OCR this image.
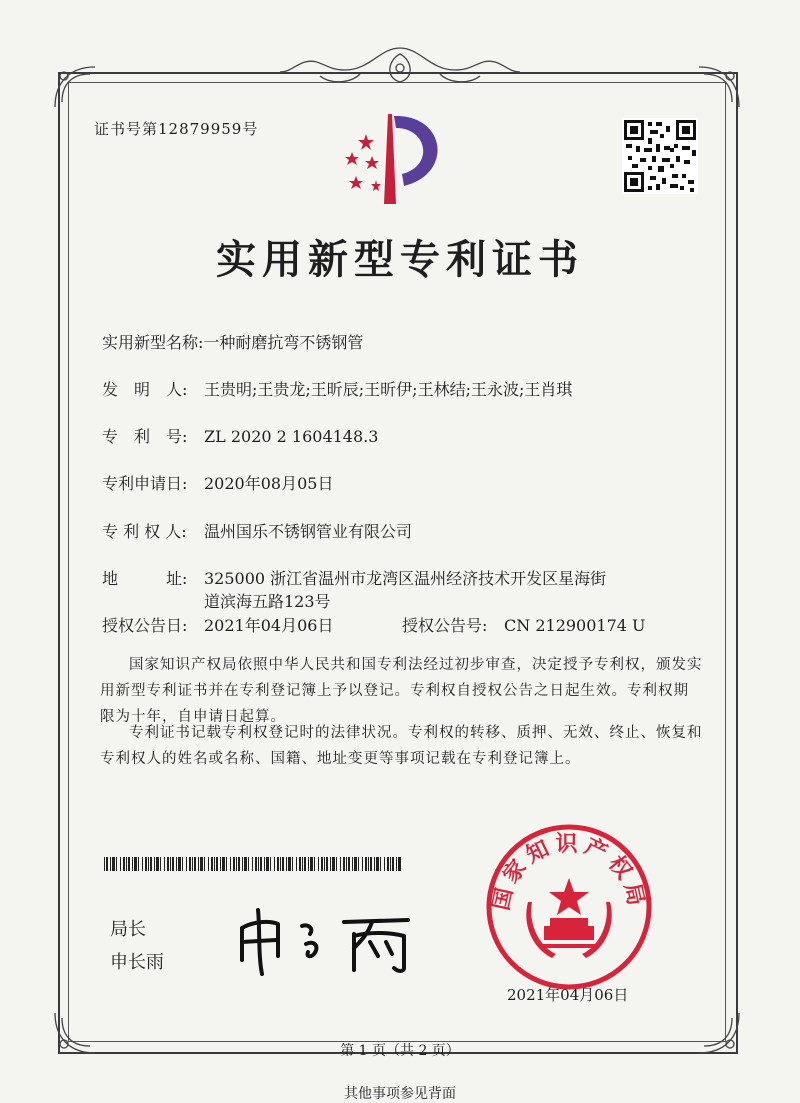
证书号第12879959号
实用新型专利证书
实用新型名称:一种耐磨抗弯不锈钢管
发　明　人: 王贵明;王贵龙;王昕辰;王昕伊;王林结;王永波;王肖琪
专　利　号: ZL 2020 2 1604148.3
专利申请日: 2020年08月05日
专 利 权 人: 温州国乐不锈钢管业有限公司
地　　　址: 325000 浙江省温州市龙湾区温州经济技术开发区星海街
道滨海五路123号
授权公告日: 2021年04月06日	授权公告号: CN 212900174 U
国家知识产权局依照中华人民共和国专利法经过初步审查，决定授予专利权，颁发实用新型专利证书并在专利登记簿上予以登记。专利权自授权公告之日起生效。专利权期限为十年，自申请日起算。
专利证书记载专利权登记时的法律状况。专利权的转移、质押、无效、终止、恢复和专利权人的姓名或名称、国籍、地址变更等事项记载在专利登记簿上。
局长
申长雨
国家知识产权局
2021年04月06日
第 1 页（共 2 页）
其他事项参见背面
